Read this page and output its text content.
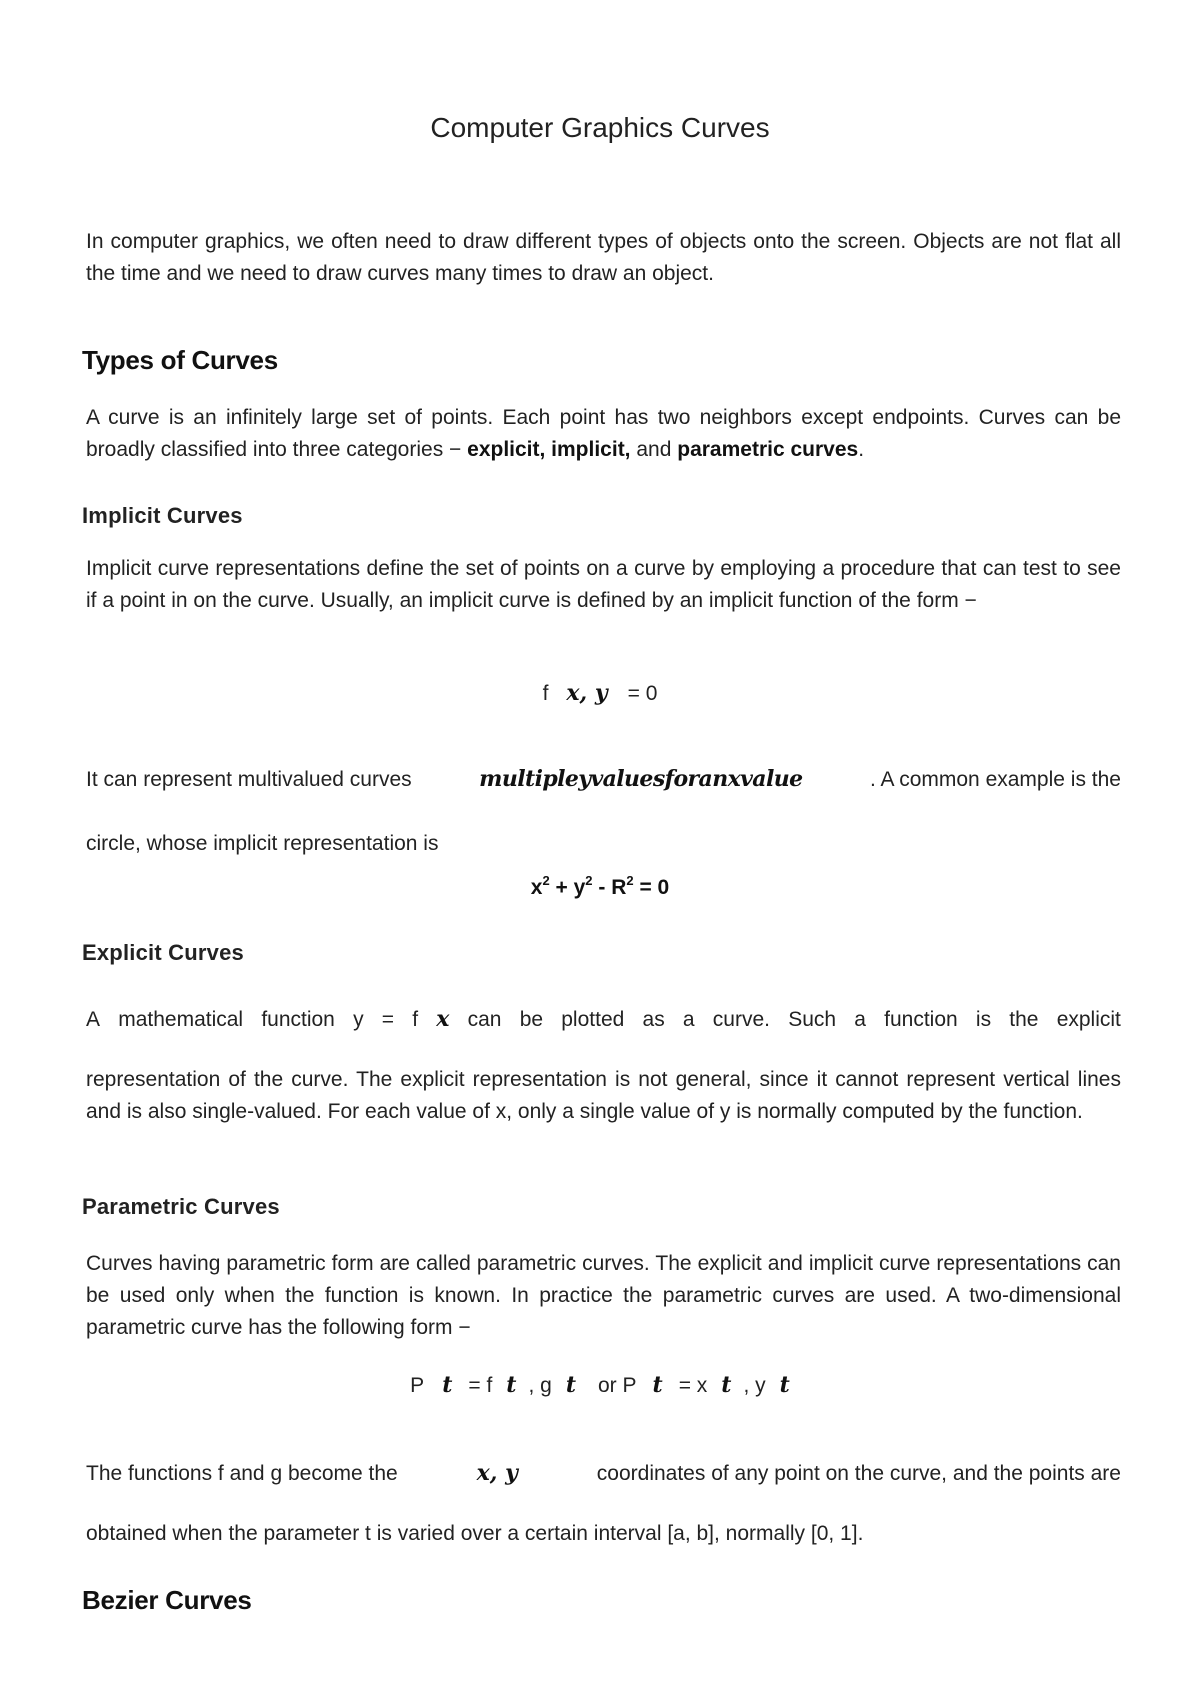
Computer Graphics Curves

In computer graphics, we often need to draw different types of objects onto the screen. Objects are not flat all the time and we need to draw curves many times to draw an object.

Types of Curves

A curve is an infinitely large set of points. Each point has two neighbors except endpoints. Curves can be broadly classified into three categories − explicit, implicit, and parametric curves.

Implicit Curves

Implicit curve representations define the set of points on a curve by employing a procedure that can test to see if a point in on the curve. Usually, an implicit curve is defined by an implicit function of the form −

f x, y = 0
It can represent multivalued curves	multipleyvaluesforanxvalue	. A common example is the

circle, whose implicit representation is

$x^2 + y^2 - R^2 = 0$
Explicit Curves
A mathematical function y = f x can be plotted as a curve. Such a function is the explicit

representation of the curve. The explicit representation is not general, since it cannot represent vertical lines and is also single-valued. For each value of x, only a single value of y is normally computed by the function.

Parametric Curves

Curves having parametric form are called parametric curves. The explicit and implicit curve representations can be used only when the function is known. In practice the parametric curves are used. A two-dimensional parametric curve has the following form −

P t = f t , g t or P t = x t , y t
The functions f and g become the	x, y	coordinates of any point on the curve, and the points are

obtained when the parameter t is varied over a certain interval [a, b], normally [0, 1].

Bezier Curves
